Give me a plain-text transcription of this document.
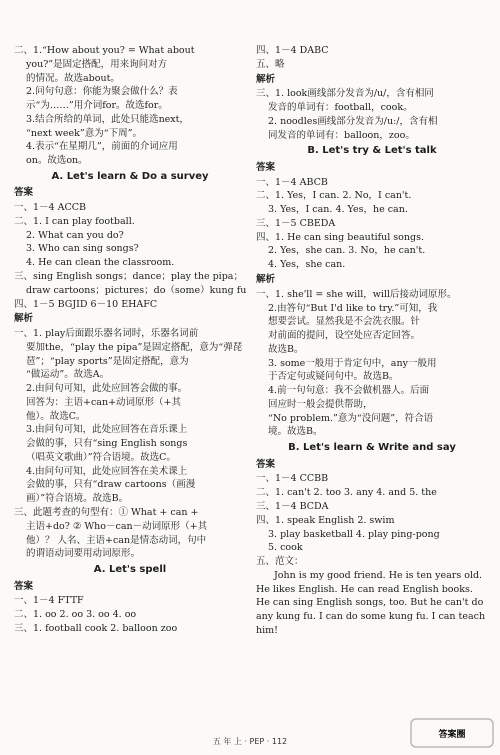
二、1.“How about you? = What about
you?”是固定搭配，用来询问对方
的情况。故选about。
2.问句句意：你能为聚会做什么？表
示“为……”用介词for。故选for。
3.结合所给的单词，此处只能选next，
“next week”意为“下周”。
4.表示“在星期几”，前面的介词应用
on。故选on。
A. Let's learn & Do a survey
答案
一、1－4 ACCB
二、1. I can play football.
2. What can you do?
3. Who can sing songs?
4. He can clean the classroom.
三、sing English songs；dance；play the pipa；
draw cartoons；pictures；do（some）kung fu
四、1－5 BGJID 6－10 EHAFC
解析
一、1. play后面跟乐器名词时，乐器名词前
要加the，“play the pipa”是固定搭配，意为“弹琵
琶”；“play sports”是固定搭配，意为
“做运动”。故选A。
2.由问句可知，此处应回答会做的事。
回答为：主语+can+动词原形（+其
他）。故选C。
3.由问句可知，此处应回答在音乐课上
会做的事，只有“sing English songs
（唱英文歌曲）”符合语境。故选C。
4.由问句可知，此处应回答在美术课上
会做的事，只有“draw cartoons（画漫
画）”符合语境。故选B。
三、此题考查的句型有：① What + can +
主语+do? ② Who－can－动词原形（+其
他）？ 人名、主语+can是情态动词，句中
的谓语动词要用动词原形。
A. Let's spell
答案
一、1－4 FTTF
二、1. oo 2. oo 3. oo 4. oo
三、1. football cook 2. balloon zoo
四、1－4 DABC
五、略
解析
三、1. look画线部分发音为/u/，含有相同
发音的单词有：football，cook。
2. noodles画线部分发音为/uː/，含有相
同发音的单词有：balloon，zoo。
B. Let's try & Let's talk
答案
一、1－4 ABCB
二、1. Yes，I can. 2. No，I can't.
3. Yes，I can. 4. Yes，he can.
三、1－5 CBEDA
四、1. He can sing beautiful songs.
2. Yes，she can. 3. No，he can't.
4. Yes，she can.
解析
一、1. she'll = she will，will后接动词原形。
2.由答句“But I'd like to try.”可知，我
想要尝试。显然我是不会洗衣服。针
对前面的提问，设空处应否定回答。
故选B。
3. some一般用于肯定句中，any一般用
于否定句或疑问句中。故选B。
4.前一句句意：我不会做机器人。后面
回应时一般会提供帮助，
“No problem.”意为“没问题”，符合语
境。故选B。
B. Let's learn & Write and say
答案
一、1－4 CCBB
二、1. can't 2. too 3. any 4. and 5. the
三、1－4 BCDA
四、1. speak English 2. swim
3. play basketball 4. play ping-pong
5. cook
五、范文：

John is my good friend. He is ten years old. He likes English. He can read English books. He can sing English songs, too. But he can't do any kung fu. I can do some kung fu. I can teach him!

五 年 上 · PEP · 112
答案圈
